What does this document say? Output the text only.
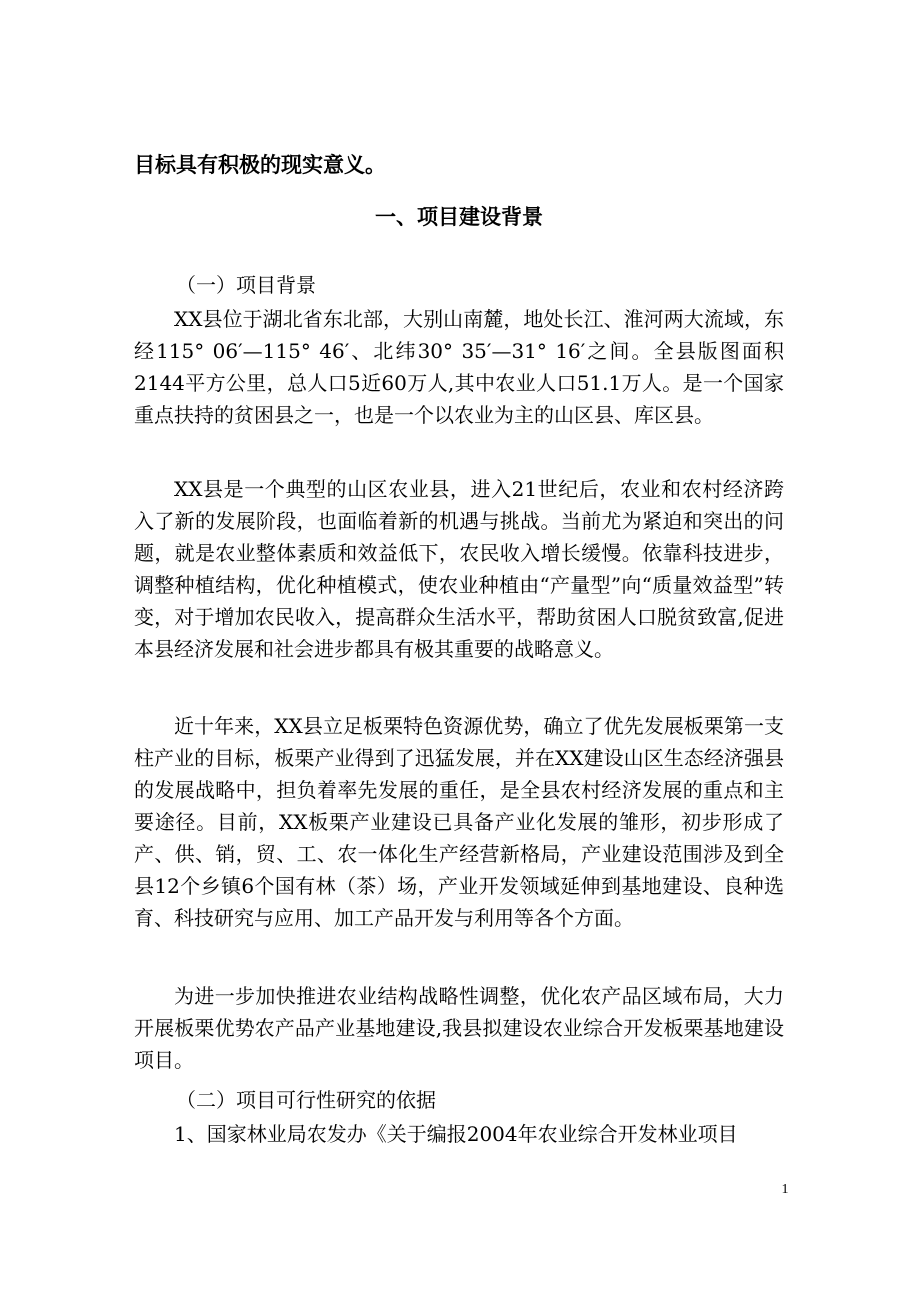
目标具有积极的现实意义。

一、项目建设背景

（一）项目背景

XX县位于湖北省东北部，大别山南麓，地处长江、淮河两大流域，东经115° 06′—115° 46′、北纬30° 35′—31° 16′之间。全县版图面积2144平方公里，总人口5近60万人,其中农业人口51.1万人。是一个国家重点扶持的贫困县之一，也是一个以农业为主的山区县、库区县。

XX县是一个典型的山区农业县，进入21世纪后，农业和农村经济跨入了新的发展阶段，也面临着新的机遇与挑战。当前尤为紧迫和突出的问题，就是农业整体素质和效益低下，农民收入增长缓慢。依靠科技进步，调整种植结构，优化种植模式，使农业种植由“产量型”向“质量效益型”转变，对于增加农民收入，提高群众生活水平，帮助贫困人口脱贫致富,促进本县经济发展和社会进步都具有极其重要的战略意义。

近十年来，XX县立足板栗特色资源优势，确立了优先发展板栗第一支柱产业的目标，板栗产业得到了迅猛发展，并在XX建设山区生态经济强县的发展战略中，担负着率先发展的重任，是全县农村经济发展的重点和主要途径。目前，XX板栗产业建设已具备产业化发展的雏形，初步形成了产、供、销，贸、工、农一体化生产经营新格局，产业建设范围涉及到全县12个乡镇6个国有林（茶）场，产业开发领域延伸到基地建设、良种选育、科技研究与应用、加工产品开发与利用等各个方面。

为进一步加快推进农业结构战略性调整，优化农产品区域布局，大力开展板栗优势农产品产业基地建设,我县拟建设农业综合开发板栗基地建设项目。

（二）项目可行性研究的依据

1、国家林业局农发办《关于编报2004年农业综合开发林业项目

1
